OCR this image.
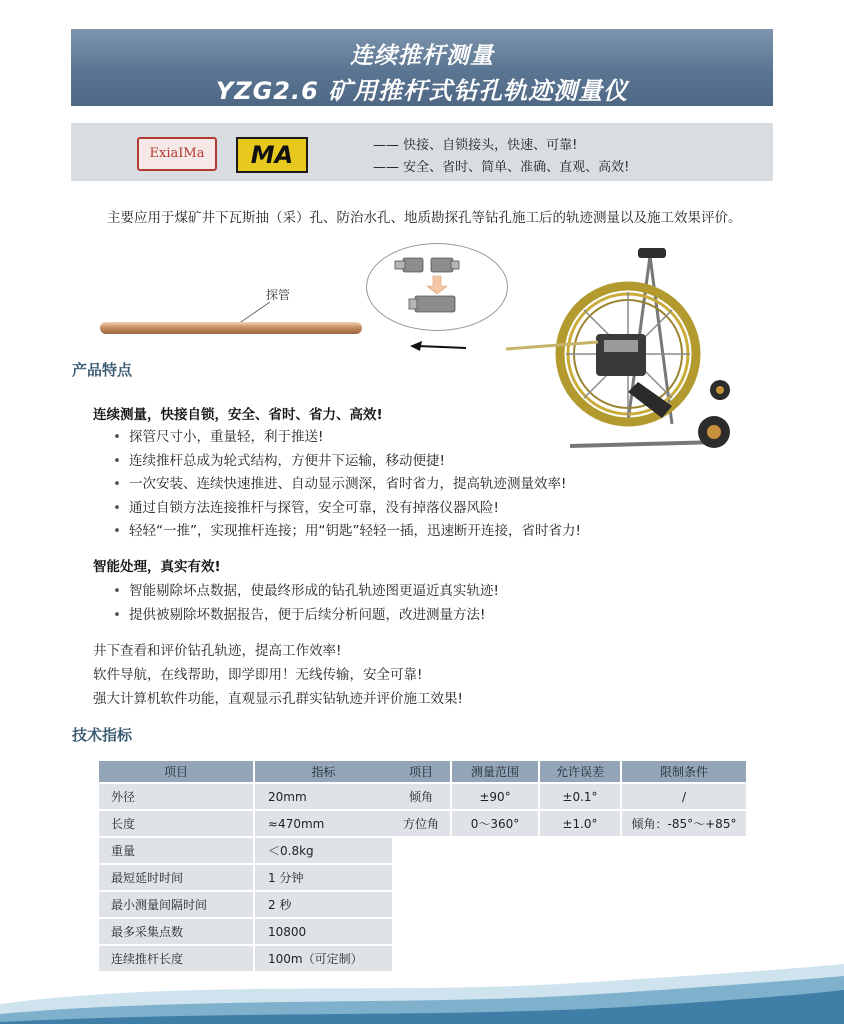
连续推杆测量
YZG2.6 矿用推杆式钻孔轨迹测量仪
ExiaIMa	MA	—— 快接、自锁接头，快速、可靠!
—— 安全、省时、简单、准确、直观、高效!
主要应用于煤矿井下瓦斯抽（采）孔、防治水孔、地质勘探孔等钻孔施工后的轨迹测量以及施工效果评价。
探管
产品特点
连续测量，快接自锁，安全、省时、省力、高效!
• 探管尺寸小，重量轻，利于推送!
• 连续推杆总成为轮式结构，方便井下运输，移动便捷!
• 一次安装、连续快速推进、自动显示测深，省时省力，提高轨迹测量效率!
• 通过自锁方法连接推杆与探管，安全可靠，没有掉落仪器风险!
• 轻轻“一推”，实现推杆连接；用“钥匙”轻轻一插，迅速断开连接，省时省力!
智能处理，真实有效!
• 智能剔除坏点数据，使最终形成的钻孔轨迹图更逼近真实轨迹!
• 提供被剔除坏数据报告，便于后续分析问题，改进测量方法!
井下查看和评价钻孔轨迹，提高工作效率!
软件导航，在线帮助，即学即用！无线传输，安全可靠!
强大计算机软件功能，直观显示孔群实钻轨迹并评价施工效果!
技术指标
项目	指标
外径	20mm
长度	≈470mm
重量	＜0.8kg
最短延时时间	1 分钟
最小测量间隔时间	2 秒
最多采集点数	10800
连续推杆长度	100m（可定制）
项目	测量范围	允许误差	限制条件
倾角	±90°	±0.1°	/
方位角	0～360°	±1.0°	倾角：-85°～+85°
